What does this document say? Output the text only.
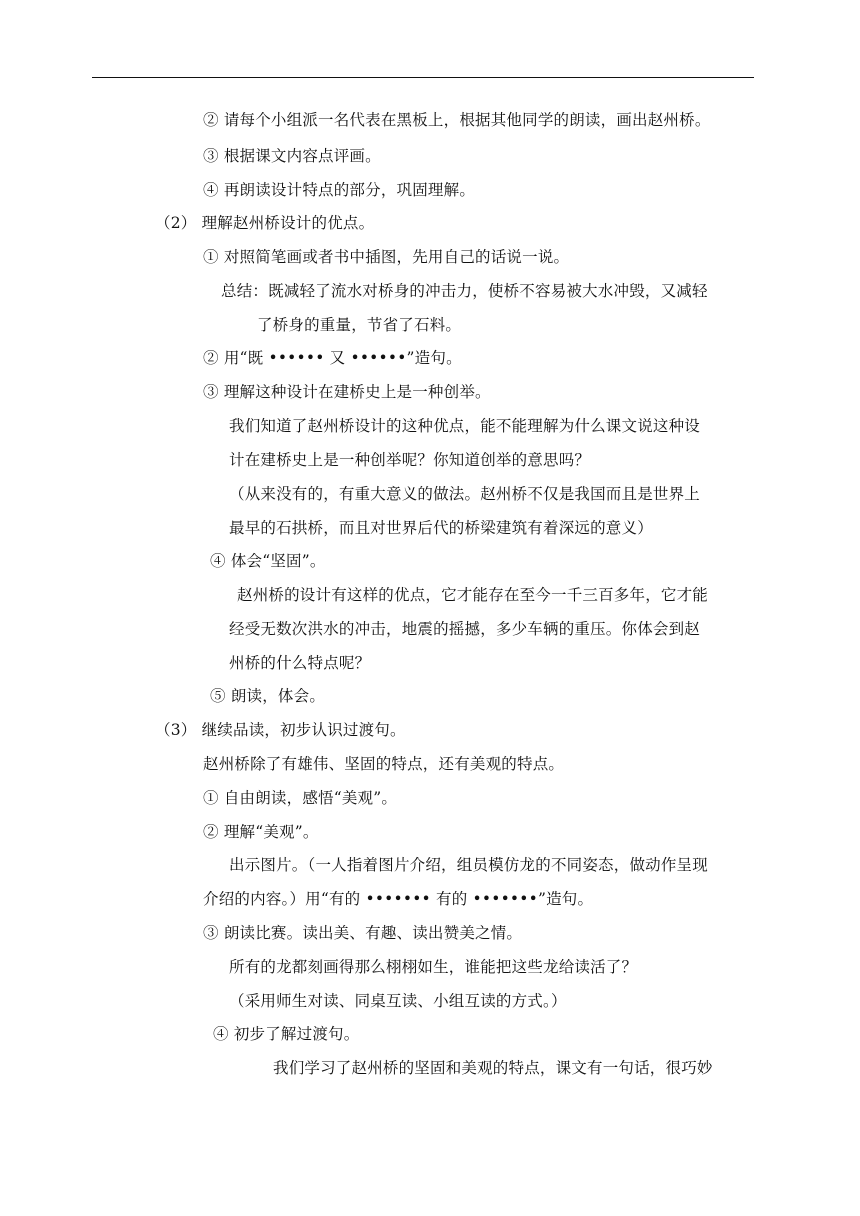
② 请每个小组派一名代表在黑板上，根据其他同学的朗读，画出赵州桥。
③ 根据课文内容点评画。
④ 再朗读设计特点的部分，巩固理解。
（2） 理解赵州桥设计的优点。
① 对照简笔画或者书中插图，先用自己的话说一说。
总结：既减轻了流水对桥身的冲击力，使桥不容易被大水冲毁，又减轻
了桥身的重量，节省了石料。
② 用“既 •••••• 又 ••••••”造句。
③ 理解这种设计在建桥史上是一种创举。
我们知道了赵州桥设计的这种优点，能不能理解为什么课文说这种设
计在建桥史上是一种创举呢？你知道创举的意思吗？
（从来没有的，有重大意义的做法。赵州桥不仅是我国而且是世界上
最早的石拱桥，而且对世界后代的桥梁建筑有着深远的意义）
④ 体会“坚固”。
赵州桥的设计有这样的优点，它才能存在至今一千三百多年，它才能
经受无数次洪水的冲击，地震的摇撼，多少车辆的重压。你体会到赵
州桥的什么特点呢？
⑤ 朗读，体会。
（3） 继续品读，初步认识过渡句。
赵州桥除了有雄伟、坚固的特点，还有美观的特点。
① 自由朗读，感悟“美观”。
② 理解“美观”。
出示图片。（一人指着图片介绍，组员模仿龙的不同姿态，做动作呈现
介绍的内容。）用“有的 ••••••• 有的 •••••••”造句。
③ 朗读比赛。读出美、有趣、读出赞美之情。
所有的龙都刻画得那么栩栩如生，谁能把这些龙给读活了？
（采用师生对读、同桌互读、小组互读的方式。）
④ 初步了解过渡句。
我们学习了赵州桥的坚固和美观的特点，课文有一句话，很巧妙
